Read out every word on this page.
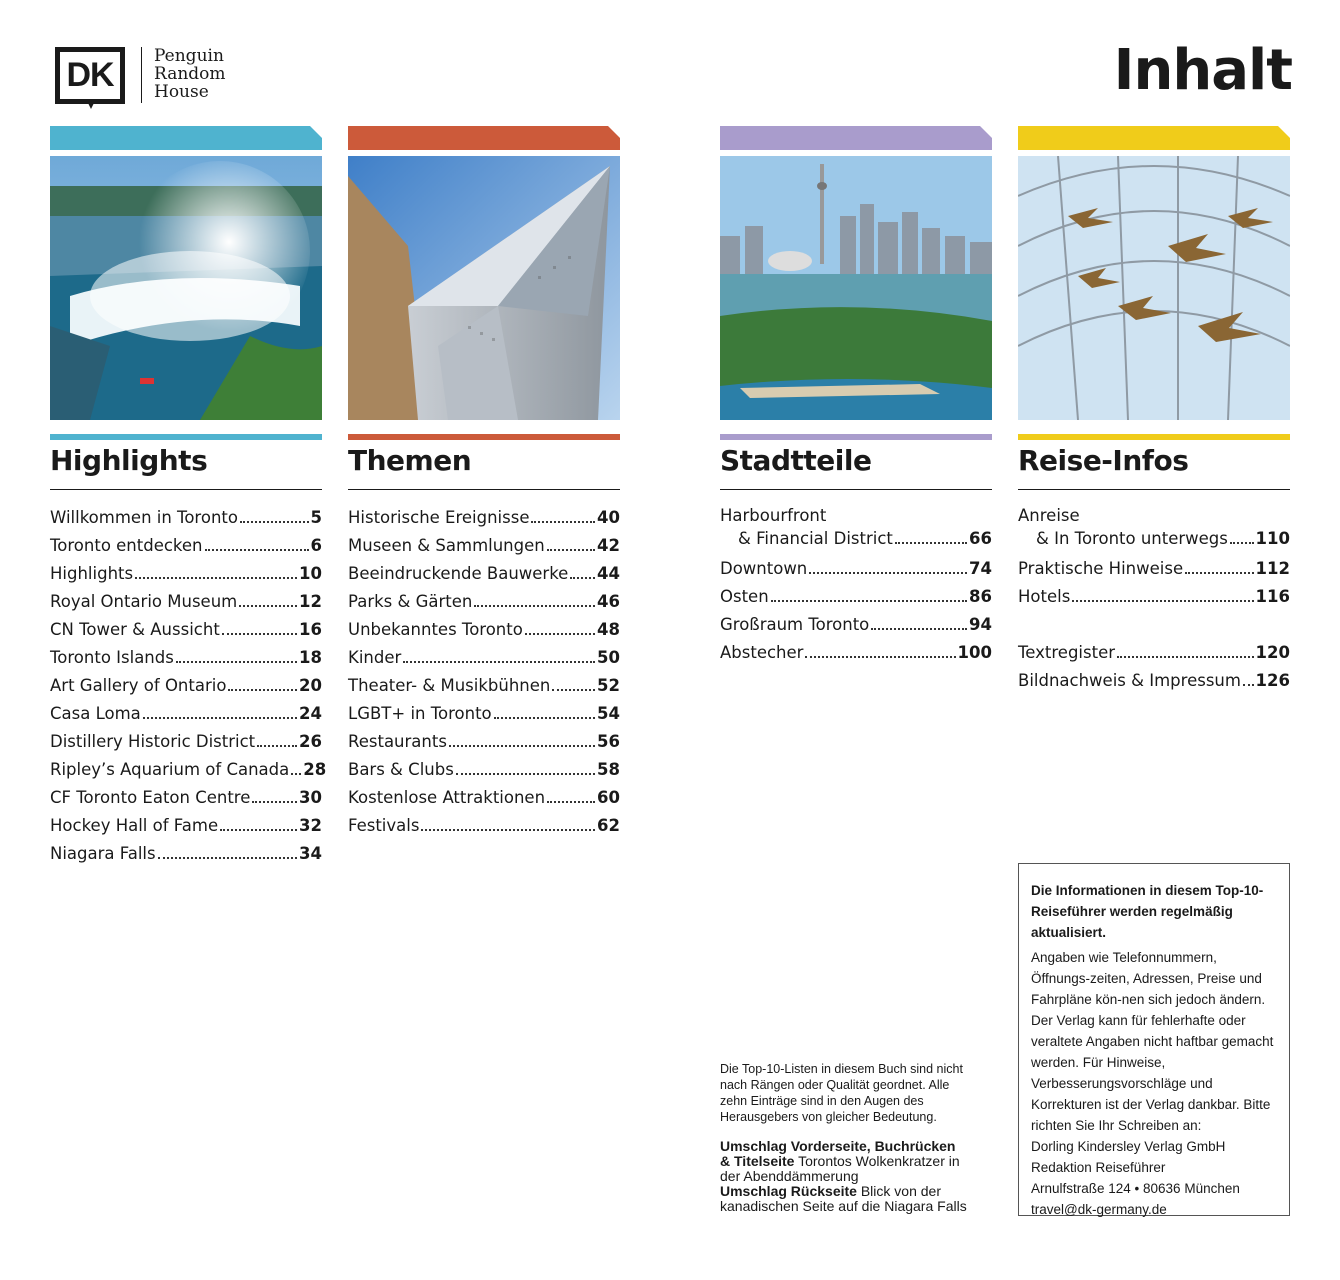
DK Penguin
Random
House	Inhalt
Highlights
Willkommen in Toronto	5
Toronto entdecken	6
Highlights	10
Royal Ontario Museum	12
CN Tower & Aussicht	16
Toronto Islands	18
Art Gallery of Ontario	20
Casa Loma	24
Distillery Historic District	26
Ripley’s Aquarium of Canada 28
CF Toronto Eaton Centre	30
Hockey Hall of Fame	32
Niagara Falls	34
Themen
Historische Ereignisse	40
Museen & Sammlungen	42
Beeindruckende Bauwerke 44
Parks & Gärten	46
Unbekanntes Toronto	48
Kinder	50
Theater- & Musikbühnen	52
LGBT+ in Toronto	54
Restaurants	56
Bars & Clubs	58
Kostenlose Attraktionen	60
Festivals	62
Stadtteile
Harbourfront
& Financial District	66
Downtown	74
Osten	86
Großraum Toronto	94
Abstecher	100
Reise-Infos
Anreise
& In Toronto unterwegs 110
Praktische Hinweise	112
Hotels	116
Textregister	120
Bildnachweis & Impressum 126

Die Top-10-Listen in diesem Buch sind nicht nach Rängen oder Qualität geordnet. Alle zehn Einträge sind in den Augen des Herausgebers von gleicher Bedeutung.

Umschlag Vorderseite, Buchrücken
& Titelseite Torontos Wolkenkratzer in der Abenddämmerung
Umschlag Rückseite Blick von der kanadischen Seite auf die Niagara Falls

Die Informationen in diesem Top-10-Reiseführer werden regelmäßig aktualisiert.
Angaben wie Telefonnummern, Öffnungs-zeiten, Adressen, Preise und Fahrpläne kön-nen sich jedoch ändern. Der Verlag kann für fehlerhafte oder veraltete Angaben nicht haftbar gemacht werden. Für Hinweise, Verbesserungsvorschläge und Korrekturen ist der Verlag dankbar. Bitte richten Sie Ihr Schreiben an:
Dorling Kindersley Verlag GmbH
Redaktion Reiseführer
Arnulfstraße 124 • 80636 München
travel@dk-germany.de
